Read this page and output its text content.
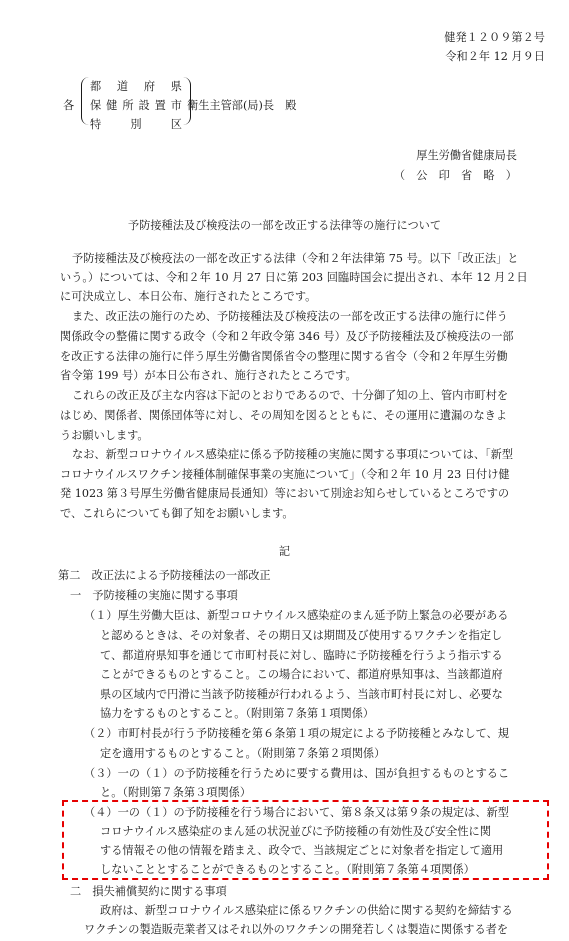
健発１２０９第２号
令和２年 12 月９日
各
都　道　府　県
保健所設置市
特　　別　　区
衛生主管部(局)長　殿
厚生労働省健康局長
（　公　印　省　略　）
予防接種法及び検疫法の一部を改正する法律等の施行について
予防接種法及び検疫法の一部を改正する法律（令和２年法律第 75 号。以下「改正法」と
いう。）については、令和２年 10 月 27 日に第 203 回臨時国会に提出され、本年 12 月２日
に可決成立し、本日公布、施行されたところです。
また、改正法の施行のため、予防接種法及び検疫法の一部を改正する法律の施行に伴う
関係政令の整備に関する政令（令和２年政令第 346 号）及び予防接種法及び検疫法の一部
を改正する法律の施行に伴う厚生労働省関係省令の整理に関する省令（令和２年厚生労働
省令第 199 号）が本日公布され、施行されたところです。
これらの改正及び主な内容は下記のとおりであるので、十分御了知の上、管内市町村を
はじめ、関係者、関係団体等に対し、その周知を図るとともに、その運用に遺漏のなきよ
うお願いします。
なお、新型コロナウイルス感染症に係る予防接種の実施に関する事項については、「新型
コロナウイルスワクチン接種体制確保事業の実施について」（令和２年 10 月 23 日付け健
発 1023 第３号厚生労働省健康局長通知）等において別途お知らせしているところですの
で、これらについても御了知をお願いします。
記
第二　改正法による予防接種法の一部改正
一　予防接種の実施に関する事項
（１）厚生労働大臣は、新型コロナウイルス感染症のまん延予防上緊急の必要がある
と認めるときは、その対象者、その期日又は期間及び使用するワクチンを指定し
て、都道府県知事を通じて市町村長に対し、臨時に予防接種を行うよう指示する
ことができるものとすること。この場合において、都道府県知事は、当該都道府
県の区域内で円滑に当該予防接種が行われるよう、当該市町村長に対し、必要な
協力をするものとすること。（附則第７条第１項関係）
（２）市町村長が行う予防接種を第６条第１項の規定による予防接種とみなして、規
定を適用するものとすること。（附則第７条第２項関係）
（３）一の（１）の予防接種を行うために要する費用は、国が負担するものとするこ
と。（附則第７条第３項関係）
（４）一の（１）の予防接種を行う場合において、第８条又は第９条の規定は、新型
コロナウイルス感染症のまん延の状況並びに予防接種の有効性及び安全性に関
する情報その他の情報を踏まえ、政令で、当該規定ごとに対象者を指定して適用
しないこととすることができるものとすること。（附則第７条第４項関係）
二　損失補償契約に関する事項
政府は、新型コロナウイルス感染症に係るワクチンの供給に関する契約を締結する
ワクチンの製造販売業者又はそれ以外のワクチンの開発若しくは製造に関係する者を
